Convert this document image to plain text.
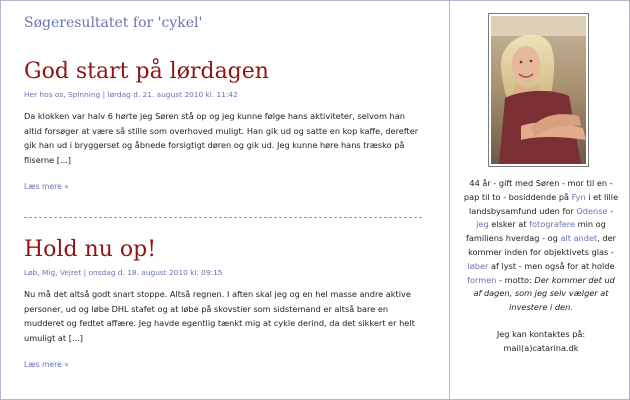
Søgeresultatet for 'cykel'
God start på lørdagen
Her hos os, Spinning | lørdag d. 21. august 2010 kl. 11:42
Da klokken var halv 6 hørte jeg Søren stå op og jeg kunne følge hans aktiviteter, selvom han altid forsøger at være så stille som overhoved muligt. Han gik ud og satte en kop kaffe, derefter gik han ud i bryggerset og åbnede forsigtigt døren og gik ud. Jeg kunne høre hans træsko på fliserne [...]
Læs mere »
Hold nu op!
Løb, Mig, Vejret | onsdag d. 18. august 2010 kl. 09:15
Nu må det altså godt snart stoppe. Altså regnen. I aften skal jeg og en hel masse andre aktive personer, ud og løbe DHL stafet og at løbe på skovstier som sidstemand er altså bare en mudderet og fedtet affære. Jeg havde egentlig tænkt mig at cykle derind, da det sikkert er helt umuligt at [...]
Læs mere »
44 år - gift med Søren - mor til en - pap til to - bosiddende på Fyn i et lille landsbysamfund uden for Odense - jeg elsker at fotografere min og familiens hverdag - og alt andet, der kommer inden for objektivets glas - løber af lyst - men også for at holde formen - motto: Der kommer det ud af dagen, som jeg selv vælger at investere i den.
Jeg kan kontaktes på:
mail(a)catarina.dk
